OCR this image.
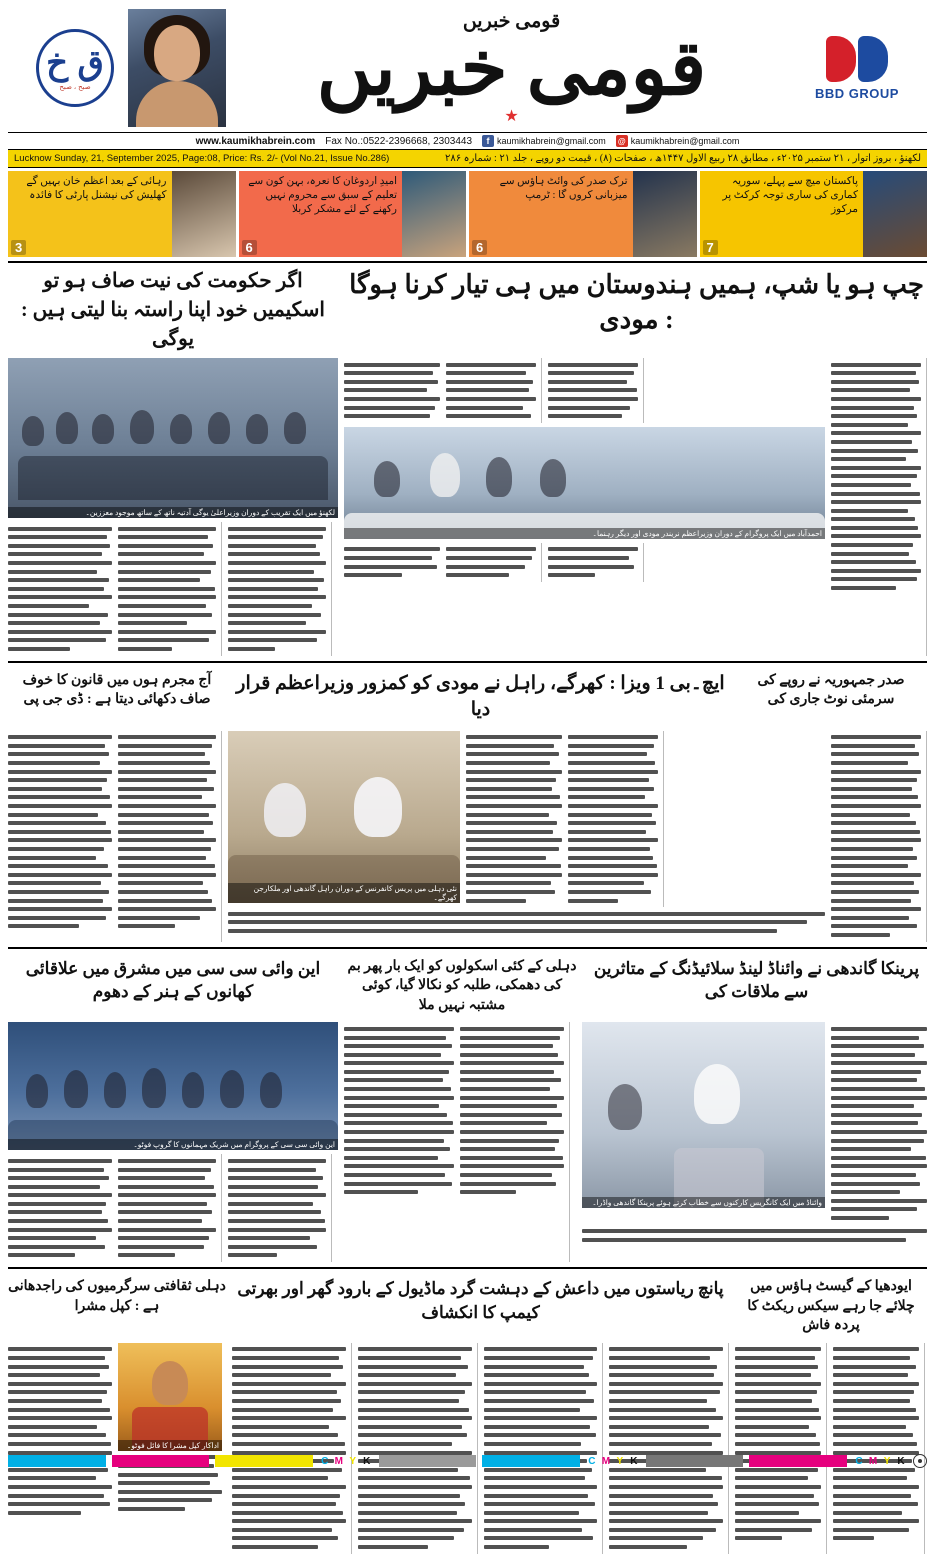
ق خ
صبح ، صبح
قومی خبریں
قومی خبریں
★
BBD GROUP
www.kaumikhabrein.com Fax No.:0522-2396668, 2303443	f kaumikhabrein@gmail.com @ kaumikhabrein@gmail.com
Lucknow Sunday, 21, September 2025, Page:08, Price: Rs. 2/- (Vol No.21, Issue No.286)	لکھنؤ ، بروز اتوار ، ۲۱ ستمبر ۲۰۲۵ء ، مطابق ۲۸ ربیع الاول ۱۴۴۷ھ ، صفحات (۸) ، قیمت دو روپے ، جلد ۲۱ : شمارہ ۲۸۶
رہائی کے بعد اعظم خان بہیں گے کھلیش کی نیشنل پارٹی کا فائدہ
3
امیدِ اردوغان کا نعرہ، بہن کون سے تعلیم کے سبق سے محروم نہیں رکھنے کے لئے مشکر کربلا
6
ترک صدر کی وائٹ ہاؤس سے میزبانی کروں گا : ٹرمپ
6
پاکستان میچ سے پہلے، سوریہ کماری کی ساری توجہ کرکٹ پر مرکوز
7
اگر حکومت کی نیت صاف ہو تو اسکیمیں خود اپنا راستہ بنا لیتی ہیں : یوگی
چپ ہو یا شپ، ہمیں ہندوستان میں ہی تیار کرنا ہوگا : مودی
لکھنؤ میں ایک تقریب کے دوران وزیراعلیٰ یوگی آدتیہ ناتھ کے ساتھ موجود معززین۔
احمدآباد میں ایک پروگرام کے دوران وزیراعظم نریندر مودی اور دیگر رہنما۔
آج مجرم ہوں میں قانون کا خوف صاف دکھائی دیتا ہے : ڈی جی پی
ایچ۔بی 1 ویزا : کھرگے، راہل نے مودی کو کمزور وزیراعظم قرار دیا
صدر جمہوریہ نے روپے کی سرمئی نوٹ جاری کی
نئی دہلی میں پریس کانفرنس کے دوران راہل گاندھی اور ملکارجن کھرگے۔
این وائی سی سی میں مشرق میں علاقائی کھانوں کے ہنر کے دھوم
دہلی کے کئی اسکولوں کو ایک بار پھر بم کی دھمکی، طلبہ کو نکالا گیا، کوئی مشتبہ نہیں ملا
پرینکا گاندھی نے وائناڈ لینڈ سلائیڈنگ کے متاثرین سے ملاقات کی
این وائی سی سی کے پروگرام میں شریک مہمانوں کا گروپ فوٹو۔
وائناڈ میں ایک کانگریس کارکنوں سے خطاب کرتے ہوئے پرینکا گاندھی واڈرا۔
دہلی ثقافتی سرگرمیوں کی راجدھانی ہے : کپل مشرا
پانچ ریاستوں میں داعش کے دہشت گرد ماڈیول کے بارود گھر اور بھرتی کیمپ کا انکشاف
ایودھیا کے گیسٹ ہاؤس میں چلائے جا رہے سیکس ریکٹ کا پردہ فاش
اداکار کپل مشرا کا فائل فوٹو۔
C M Y K	C M Y K	C M Y K
